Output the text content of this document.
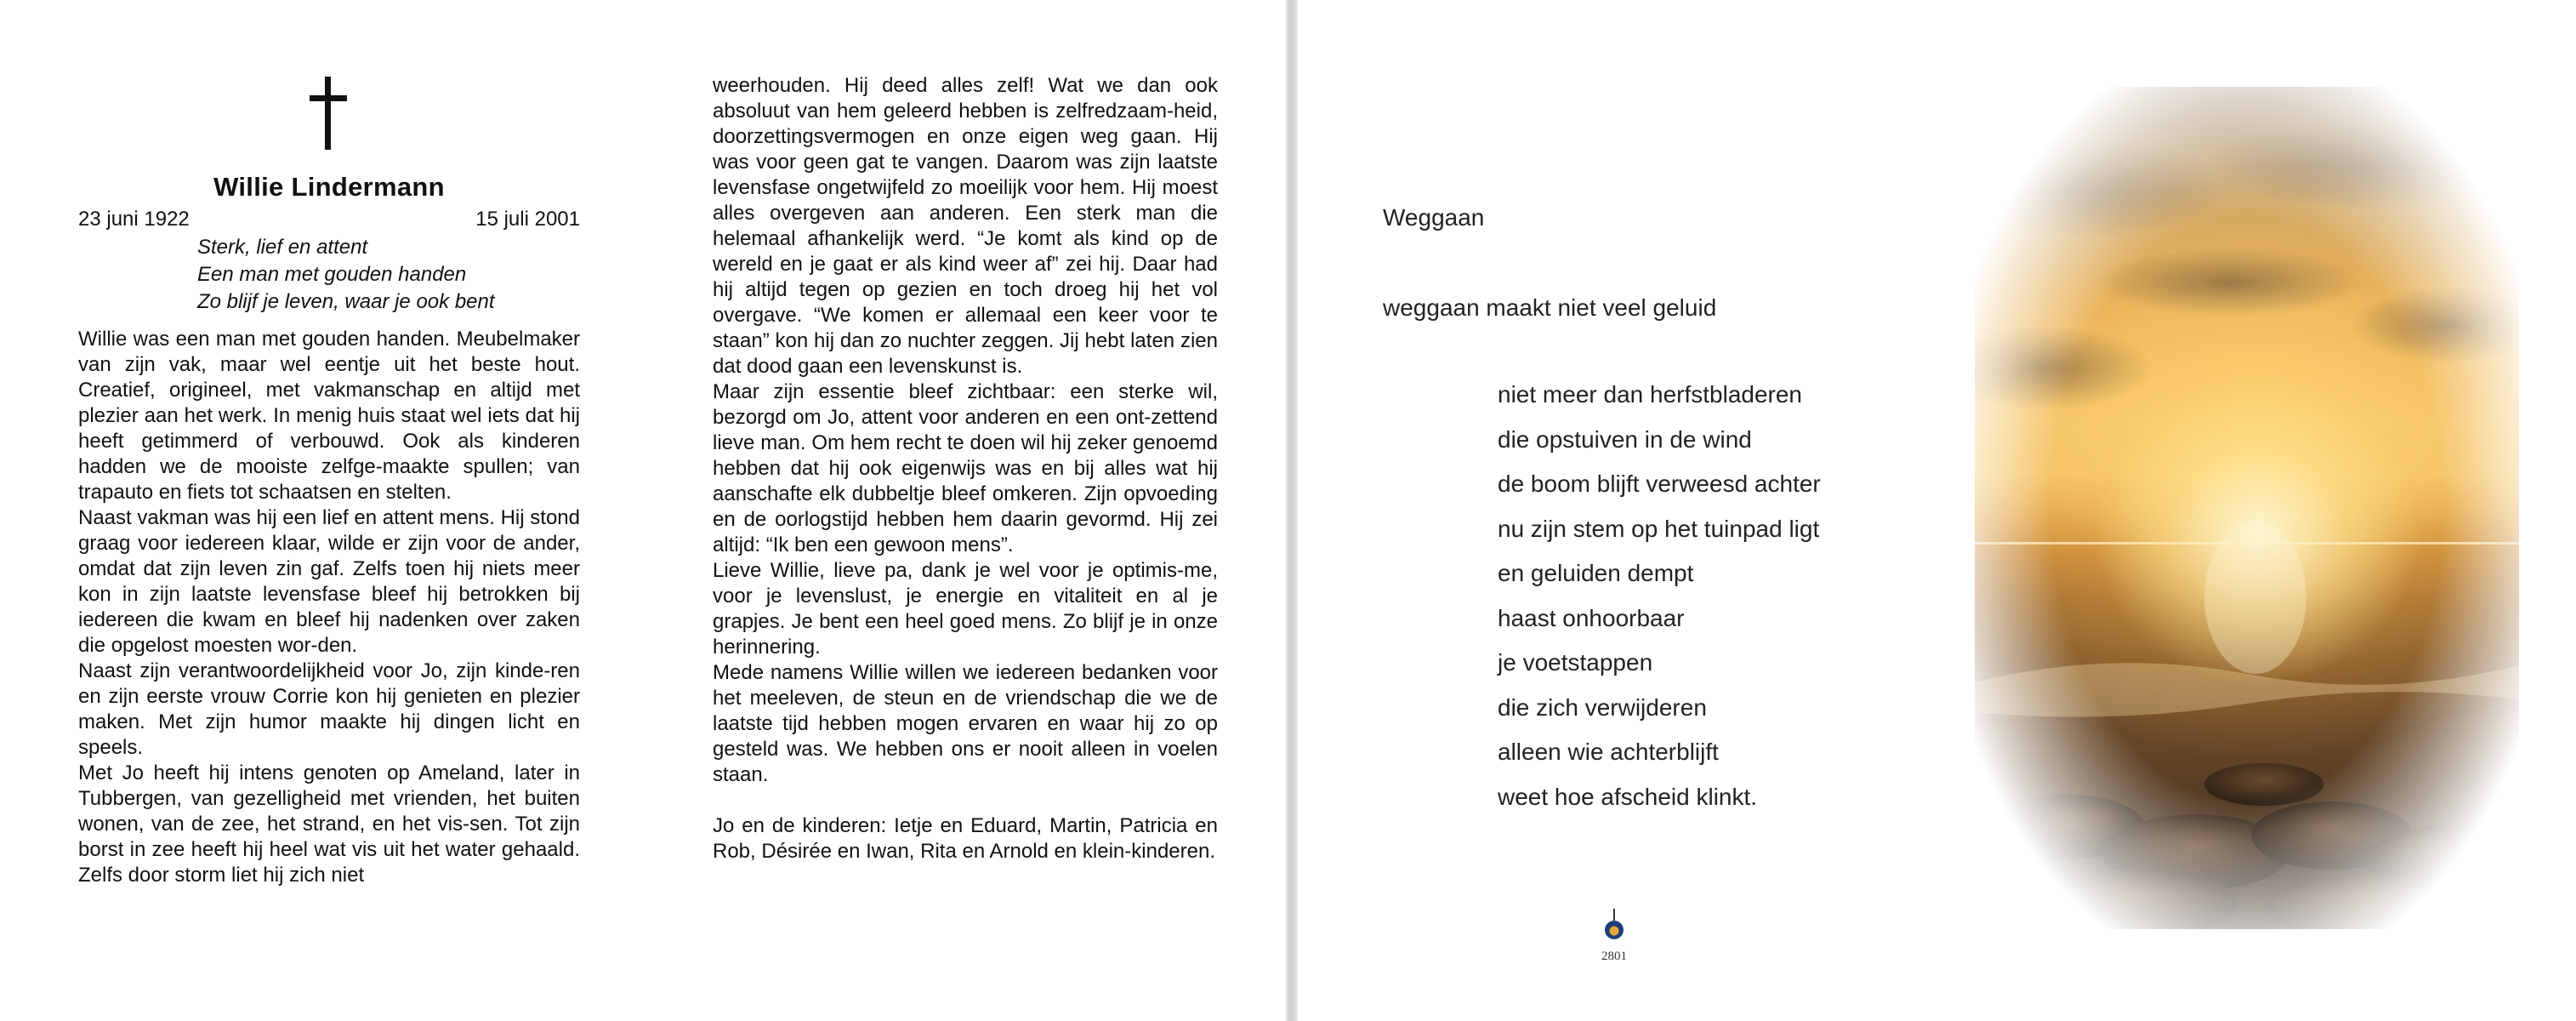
Willie Lindermann
23 juni 1922	15 juli 2001
Sterk, lief en attent
Een man met gouden handen
Zo blijf je leven, waar je ook bent

Willie was een man met gouden handen. Meubelmaker van zijn vak, maar wel eentje uit het beste hout. Creatief, origineel, met vakmanschap en altijd met plezier aan het werk. In menig huis staat wel iets dat hij heeft getimmerd of verbouwd. Ook als kinderen hadden we de mooiste zelfge-maakte spullen; van trapauto en fiets tot schaatsen en stelten.

Naast vakman was hij een lief en attent mens. Hij stond graag voor iedereen klaar, wilde er zijn voor de ander, omdat dat zijn leven zin gaf. Zelfs toen hij niets meer kon in zijn laatste levensfase bleef hij betrokken bij iedereen die kwam en bleef hij nadenken over zaken die opgelost moesten wor-den.

Naast zijn verantwoordelijkheid voor Jo, zijn kinde-ren en zijn eerste vrouw Corrie kon hij genieten en plezier maken. Met zijn humor maakte hij dingen licht en speels.

Met Jo heeft hij intens genoten op Ameland, later in Tubbergen, van gezelligheid met vrienden, het buiten wonen, van de zee, het strand, en het vis-sen. Tot zijn borst in zee heeft hij heel wat vis uit het water gehaald. Zelfs door storm liet hij zich niet

weerhouden. Hij deed alles zelf! Wat we dan ook absoluut van hem geleerd hebben is zelfredzaam-heid, doorzettingsvermogen en onze eigen weg gaan. Hij was voor geen gat te vangen. Daarom was zijn laatste levensfase ongetwijfeld zo moeilijk voor hem. Hij moest alles overgeven aan anderen. Een sterk man die helemaal afhankelijk werd. “Je komt als kind op de wereld en je gaat er als kind weer af” zei hij. Daar had hij altijd tegen op gezien en toch droeg hij het vol overgave. “We komen er allemaal een keer voor te staan” kon hij dan zo nuchter zeggen. Jij hebt laten zien dat dood gaan een levenskunst is.

Maar zijn essentie bleef zichtbaar: een sterke wil, bezorgd om Jo, attent voor anderen en een ont-zettend lieve man. Om hem recht te doen wil hij zeker genoemd hebben dat hij ook eigenwijs was en bij alles wat hij aanschafte elk dubbeltje bleef omkeren. Zijn opvoeding en de oorlogstijd hebben hem daarin gevormd. Hij zei altijd: “Ik ben een gewoon mens”.

Lieve Willie, lieve pa, dank je wel voor je optimis-me, voor je levenslust, je energie en vitaliteit en al je grapjes. Je bent een heel goed mens. Zo blijf je in onze herinnering.

Mede namens Willie willen we iedereen bedanken voor het meeleven, de steun en de vriendschap die we de laatste tijd hebben mogen ervaren en waar hij zo op gesteld was. We hebben ons er nooit alleen in voelen staan.

Jo en de kinderen: Ietje en Eduard, Martin, Patricia en Rob, Désirée en Iwan, Rita en Arnold en klein-kinderen.

Weggaan
weggaan maakt niet veel geluid
niet meer dan herfstbladeren
die opstuiven in de wind
de boom blijft verweesd achter
nu zijn stem op het tuinpad ligt
en geluiden dempt
haast onhoorbaar
je voetstappen
die zich verwijderen
alleen wie achterblijft
weet hoe afscheid klinkt.
2801
